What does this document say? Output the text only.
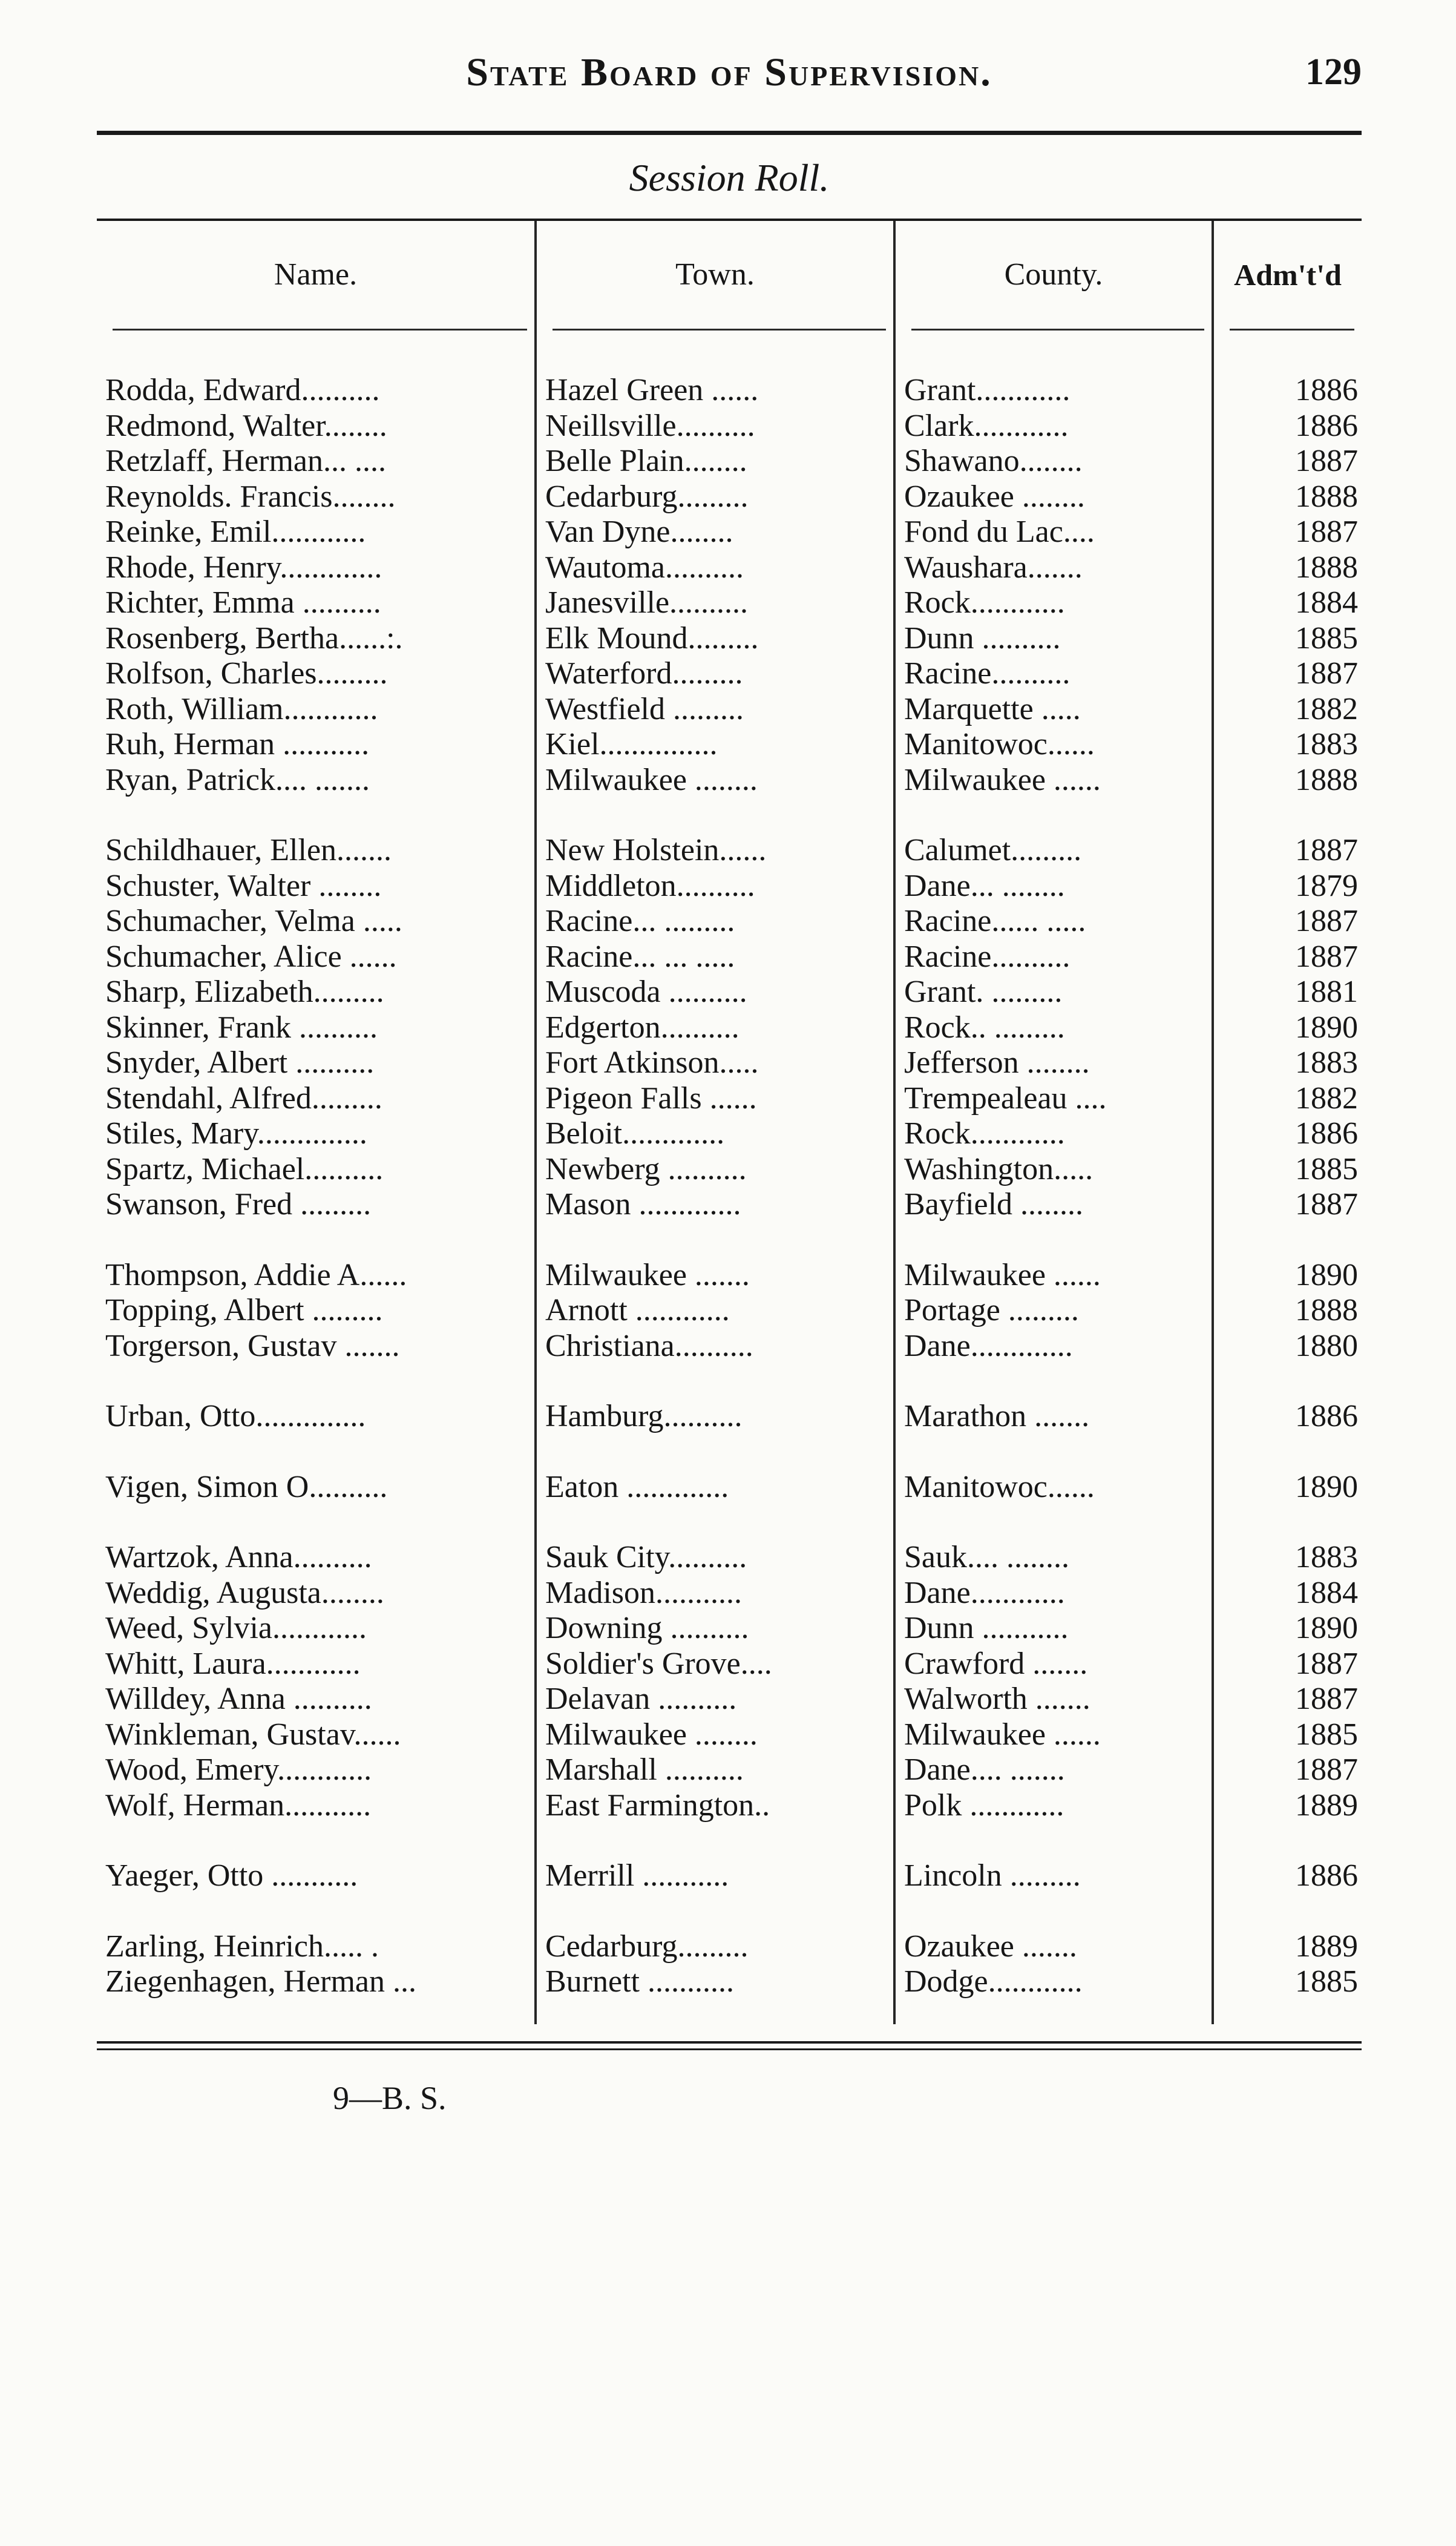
State Board of Supervision.	129
Session Roll.
Name.	Town.	County.	Adm't'd

Rodda, Edward..........	Hazel Green ......	Grant............	1886
Redmond, Walter........	Neillsville..........	Clark............	1886
Retzlaff, Herman... ....	Belle Plain........	Shawano........	1887
Reynolds. Francis........	Cedarburg.........	Ozaukee ........	1888
Reinke, Emil............	Van Dyne........	Fond du Lac....	1887
Rhode, Henry.............	Wautoma..........	Waushara.......	1888
Richter, Emma ..........	Janesville..........	Rock............	1884
Rosenberg, Bertha......:.	Elk Mound.........	Dunn ..........	1885
Rolfson, Charles.........	Waterford.........	Racine..........	1887
Roth, William............	Westfield .........	Marquette .....	1882
Ruh, Herman ...........	Kiel...............	Manitowoc......	1883
Ryan, Patrick.... .......	Milwaukee ........	Milwaukee ......	1888

Schildhauer, Ellen.......	New Holstein......	Calumet.........	1887
Schuster, Walter ........	Middleton..........	Dane... ........	1879
Schumacher, Velma .....	Racine... .........	Racine...... .....	1887
Schumacher, Alice ......	Racine... ... .....	Racine..........	1887
Sharp, Elizabeth.........	Muscoda ..........	Grant. .........	1881
Skinner, Frank ..........	Edgerton..........	Rock.. .........	1890
Snyder, Albert ..........	Fort Atkinson.....	Jefferson ........	1883
Stendahl, Alfred.........	Pigeon Falls ......	Trempealeau ....	1882
Stiles, Mary..............	Beloit.............	Rock............	1886
Spartz, Michael..........	Newberg ..........	Washington.....	1885
Swanson, Fred .........	Mason .............	Bayfield ........	1887

Thompson, Addie A......	Milwaukee .......	Milwaukee ......	1890
Topping, Albert .........	Arnott ............	Portage .........	1888
Torgerson, Gustav .......	Christiana..........	Dane.............	1880

Urban, Otto..............	Hamburg..........	Marathon .......	1886

Vigen, Simon O..........	Eaton .............	Manitowoc......	1890

Wartzok, Anna..........	Sauk City..........	Sauk.... ........	1883
Weddig, Augusta........	Madison...........	Dane............	1884
Weed, Sylvia............	Downing ..........	Dunn ...........	1890
Whitt, Laura............	Soldier's Grove....	Crawford .......	1887
Willdey, Anna ..........	Delavan ..........	Walworth .......	1887
Winkleman, Gustav......	Milwaukee ........	Milwaukee ......	1885
Wood, Emery............	Marshall ..........	Dane.... .......	1887
Wolf, Herman...........	East Farmington..	Polk ............	1889

Yaeger, Otto ...........	Merrill ...........	Lincoln .........	1886

Zarling, Heinrich..... .	Cedarburg.........	Ozaukee .......	1889
Ziegenhagen, Herman ...	Burnett ...........	Dodge............	1885

9—B. S.
